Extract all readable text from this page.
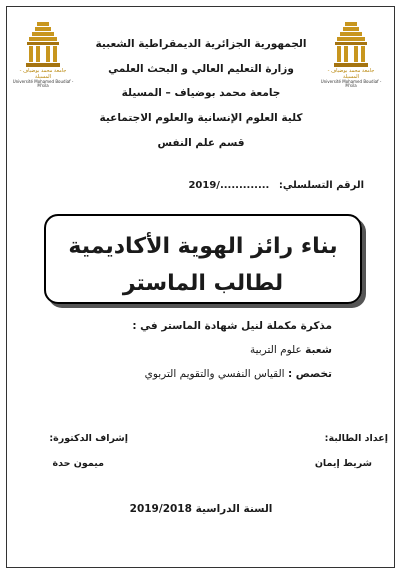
جامعة محمد بوضياف - المسيلة
Université Mohamed Boudiaf - M'sila
جامعة محمد بوضياف - المسيلة
Université Mohamed Boudiaf - M'sila
الجمهورية الجزائرية الديمقراطية الشعبية
وزارة التعليم العالي و البحث العلمي
جامعة محمد بوضياف – المسيلة
كلية العلوم الإنسانية والعلوم الاجتماعية
قسم علم النفس
الرقم التسلسلي: ............./2019
بناء رائز الهوية الأكاديمية لطالب الماستر
مذكرة مكملة لنيل شهادة الماستر في :
شعبة علوم التربية
تخصص : القياس النفسي والتقويم التربوي
إعداد الطالبة:
إشراف الدكتورة:
شريط إيمان
ميمون حدة
السنة الدراسية 2019/2018
